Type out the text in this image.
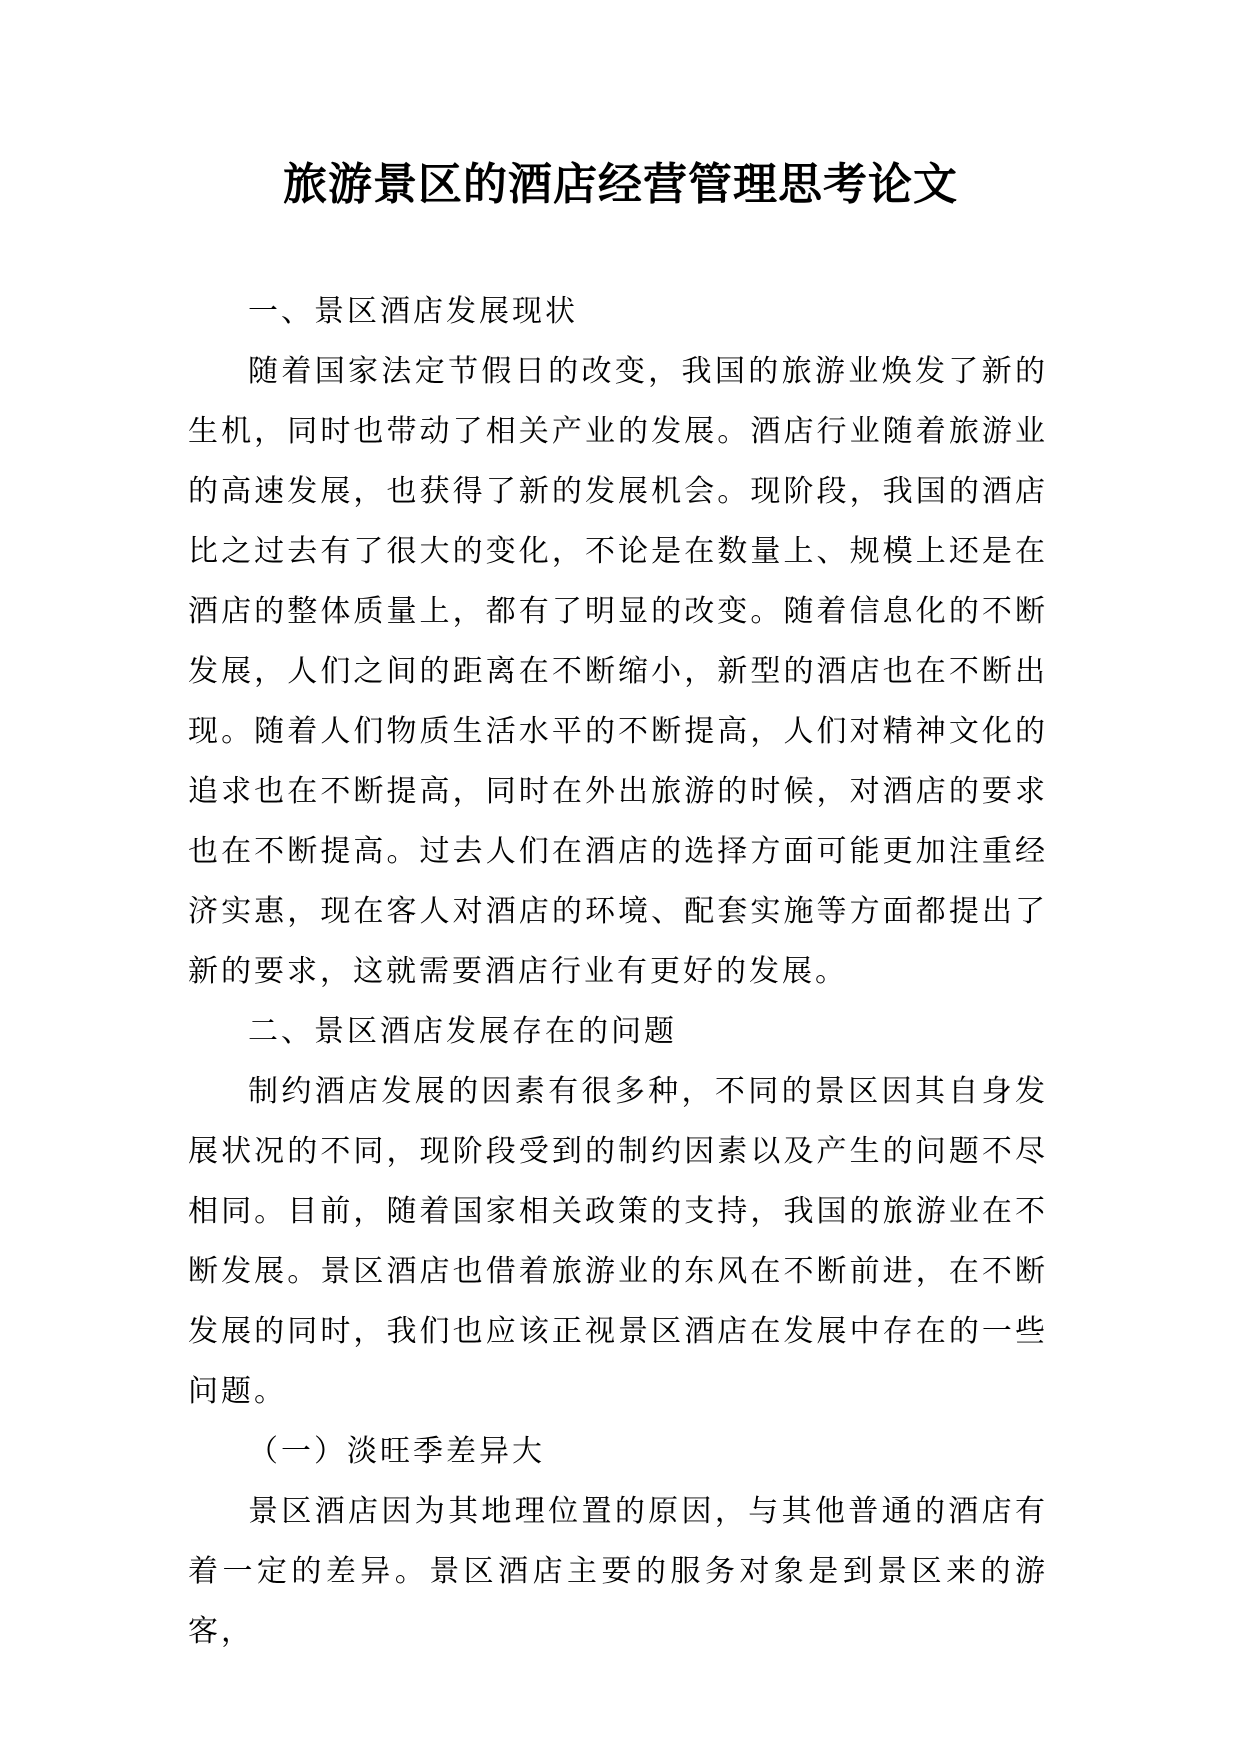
旅游景区的酒店经营管理思考论文

一、景区酒店发展现状

随着国家法定节假日的改变，我国的旅游业焕发了新的生机，同时也带动了相关产业的发展。酒店行业随着旅游业的高速发展，也获得了新的发展机会。现阶段，我国的酒店比之过去有了很大的变化，不论是在数量上、规模上还是在酒店的整体质量上，都有了明显的改变。随着信息化的不断发展，人们之间的距离在不断缩小，新型的酒店也在不断出现。随着人们物质生活水平的不断提高，人们对精神文化的追求也在不断提高，同时在外出旅游的时候，对酒店的要求也在不断提高。过去人们在酒店的选择方面可能更加注重经济实惠，现在客人对酒店的环境、配套实施等方面都提出了新的要求，这就需要酒店行业有更好的发展。

二、景区酒店发展存在的问题

制约酒店发展的因素有很多种，不同的景区因其自身发展状况的不同，现阶段受到的制约因素以及产生的问题不尽相同。目前，随着国家相关政策的支持，我国的旅游业在不断发展。景区酒店也借着旅游业的东风在不断前进，在不断发展的同时，我们也应该正视景区酒店在发展中存在的一些问题。

（一）淡旺季差异大

景区酒店因为其地理位置的原因，与其他普通的酒店有着一定的差异。景区酒店主要的服务对象是到景区来的游客，
